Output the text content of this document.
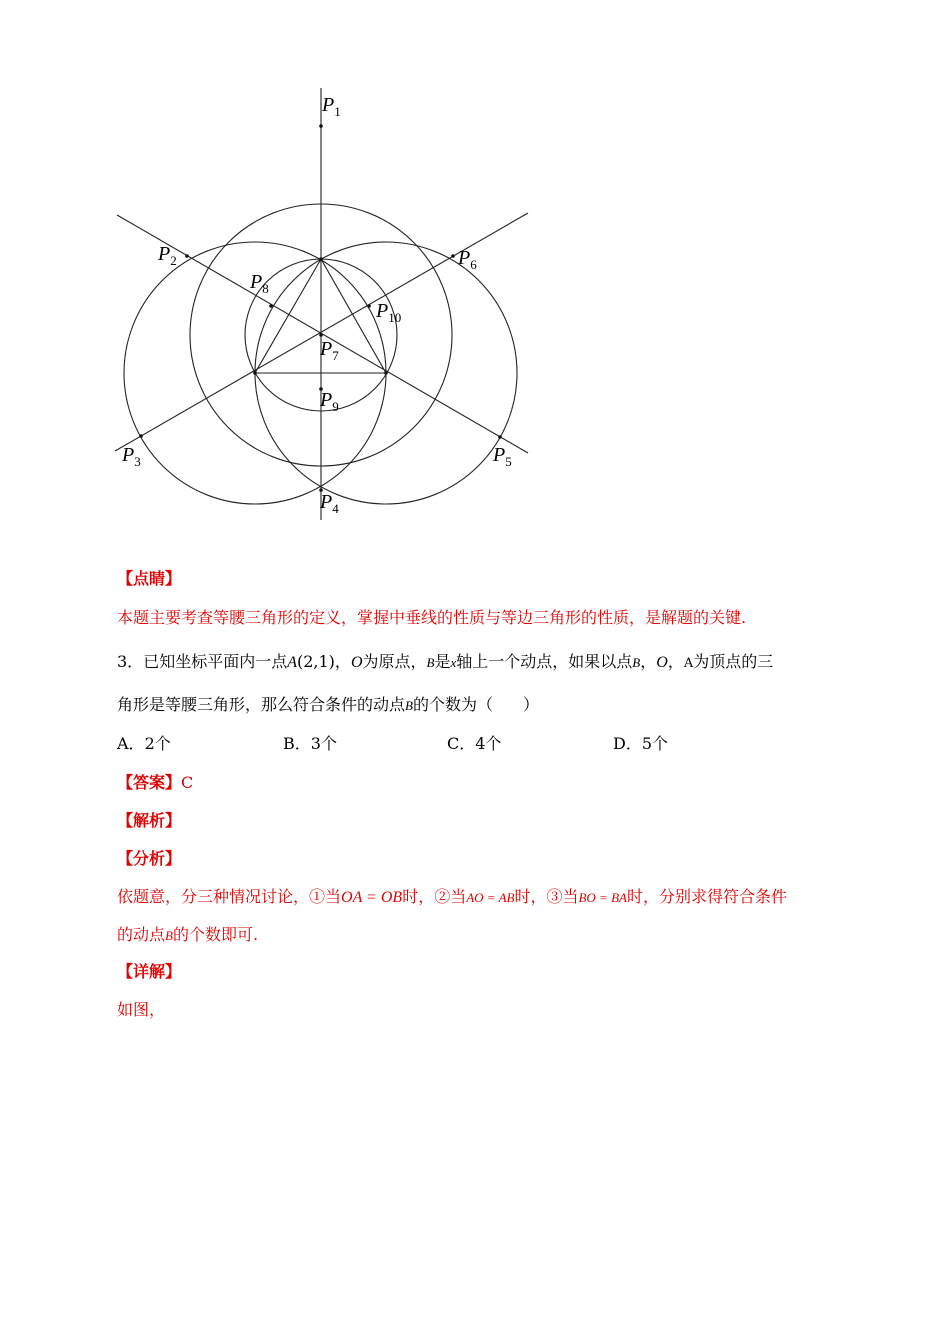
$P_1$
$P_2$
$P_3$
$P_4$
$P_5$
$P_6$
$P_7$
$P_8$
$P_9$
$P_{10}$
【点睛】
本题主要考查等腰三角形的定义，掌握中垂线的性质与等边三角形的性质，是解题的关键.
3．已知坐标平面内一点A(2,1)，O为原点，B是x轴上一个动点，如果以点B，O，A为顶点的三
角形是等腰三角形，那么符合条件的动点B的个数为（ ）
A．2个	B．3个	C．4个	D．5个
【答案】C
【解析】
【分析】
依题意，分三种情况讨论，①当OA = OB时，②当AO = AB时，③当BO = BA时，分别求得符合条件
的动点B的个数即可.
【详解】
如图，
